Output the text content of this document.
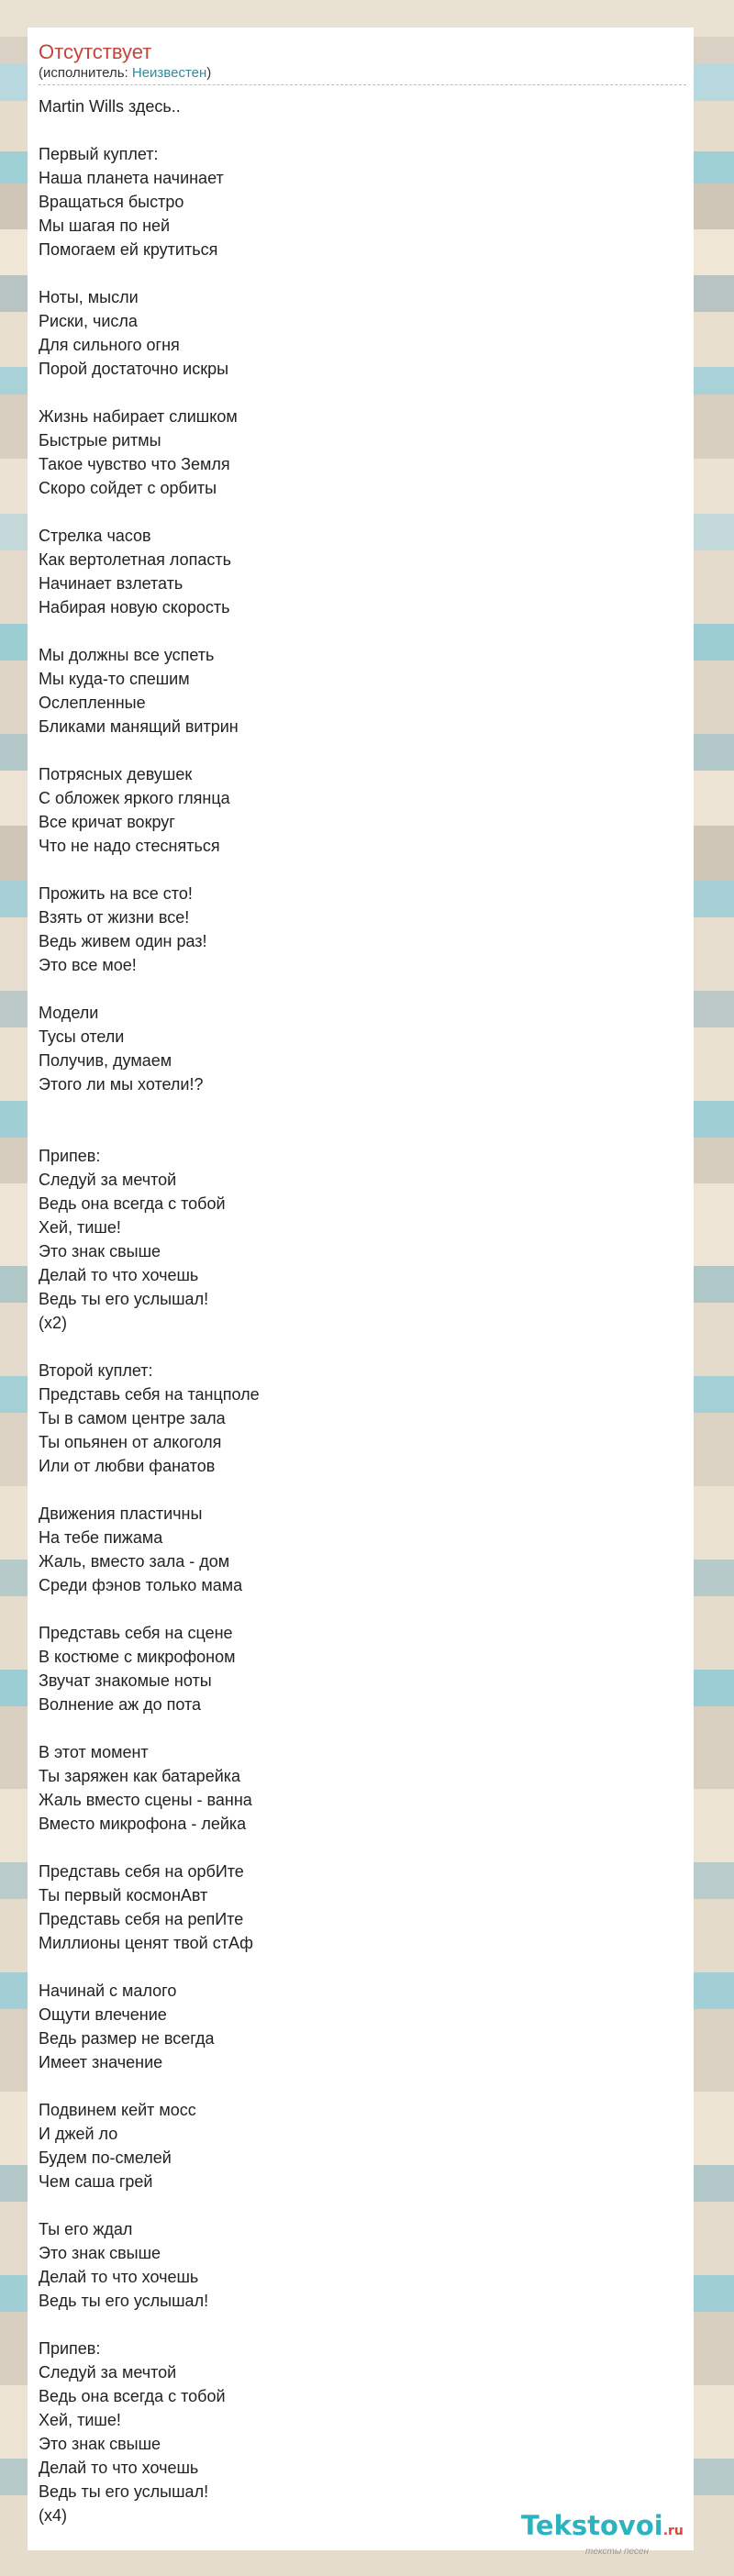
Отсутствует
(исполнитель: Неизвестен)
Martin Wills здесь..
Первый куплет:
Наша планета начинает
Вращаться быстро
Мы шагая по ней
Помогаем ей крутиться
Ноты, мысли
Риски, числа
Для сильного огня
Порой достаточно искры
Жизнь набирает слишком
Быстрые ритмы
Такое чувство что Земля
Скоро сойдет с орбиты
Стрелка часов
Как вертолетная лопасть
Начинает взлетать
Набирая новую скорость
Мы должны все успеть
Мы куда-то спешим
Ослепленные
Бликами манящий витрин
Потрясных девушек
С обложек яркого глянца
Все кричат вокруг
Что не надо стесняться
Прожить на все сто!
Взять от жизни все!
Ведь живем один раз!
Это все мое!
Модели
Тусы отели
Получив, думаем
Этого ли мы хотели!?
Припев:
Следуй за мечтой
Ведь она всегда с тобой
Хей, тише!
Это знак свыше
Делай то что хочешь
Ведь ты его услышал!
(x2)
Второй куплет:
Представь себя на танцполе
Ты в самом центре зала
Ты опьянен от алкоголя
Или от любви фанатов
Движения пластичны
На тебе пижама
Жаль, вместо зала - дом
Среди фэнов только мама
Представь себя на сцене
В костюме с микрофоном
Звучат знакомые ноты
Волнение аж до пота
В этот момент
Ты заряжен как батарейка
Жаль вместо сцены - ванна
Вместо микрофона - лейка
Представь себя на орбИте
Ты первый космонАвт
Представь себя на репИте
Миллионы ценят твой стАф
Начинай с малого
Ощути влечение
Ведь размер не всегда
Имеет значение
Подвинем кейт мосс
И джей ло
Будем по-смелей
Чем саша грей
Ты его ждал
Это знак свыше
Делай то что хочешь
Ведь ты его услышал!
Припев:
Следуй за мечтой
Ведь она всегда с тобой
Хей, тише!
Это знак свыше
Делай то что хочешь
Ведь ты его услышал!
(x4)	Tekstovoi.ru
тексты песен
